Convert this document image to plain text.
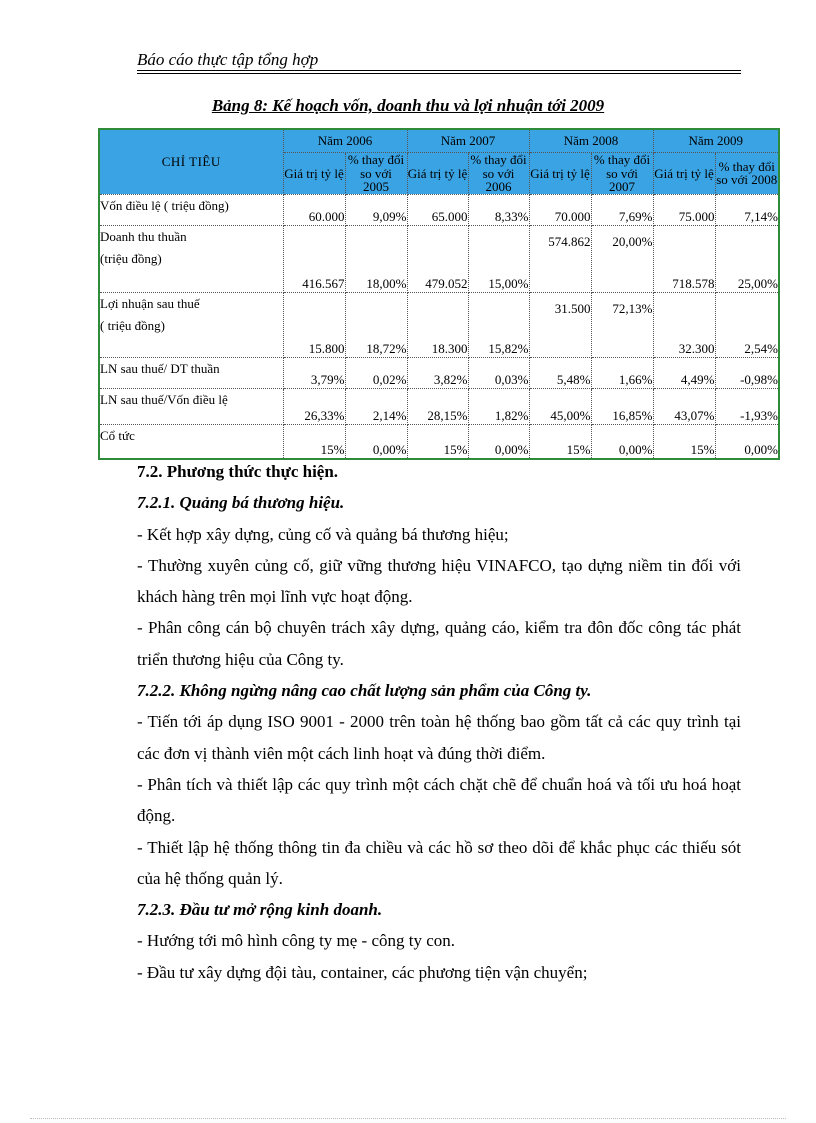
Báo cáo thực tập tổng hợp
Bảng 8: Kế hoạch vốn, doanh thu và lợi nhuận tới 2009
CHỈ TIÊU	Năm 2006		Năm 2007		Năm 2008		Năm 2009	
	Giá trị tỷ lệ	% thay đổi so với 2005	Giá trị tỷ lệ	% thay đổi so với 2006	Giá trị tỷ lệ	% thay đổi so với 2007	Giá trị tỷ lệ	% thay đổi so với 2008
Vốn điều lệ ( triệu đồng)	60.000	9,09%	65.000	8,33%	70.000	7,69%	75.000	7,14%
Doanh thu thuần
(triệu đồng)	416.567	18,00%	479.052	15,00%	574.862	20,00%	718.578	25,00%
Lợi nhuận sau thuế
( triệu đồng)	15.800	18,72%	18.300	15,82%	31.500	72,13%	32.300	2,54%
LN sau thuế/ DT thuần	3,79%	0,02%	3,82%	0,03%	5,48%	1,66%	4,49%	-0,98%
LN sau thuế/Vốn điều lệ	26,33%	2,14%	28,15%	1,82%	45,00%	16,85%	43,07%	-1,93%
Cổ tức	15%	0,00%	15%	0,00%	15%	0,00%	15%	0,00%

7.2. Phương thức thực hiện.

7.2.1. Quảng bá thương hiệu.

- Kết hợp xây dựng, củng cố và quảng bá thương hiệu;

- Thường xuyên củng cố, giữ vững thương hiệu VINAFCO, tạo dựng niềm tin đối với khách hàng trên mọi lĩnh vực hoạt động.

- Phân công cán bộ chuyên trách xây dựng, quảng cáo, kiểm tra đôn đốc công tác phát triển thương hiệu của Công ty.

7.2.2. Không ngừng nâng cao chất lượng sản phẩm của Công ty.

- Tiến tới áp dụng ISO 9001 - 2000 trên toàn hệ thống bao gồm tất cả các quy trình tại các đơn vị thành viên một cách linh hoạt và đúng thời điểm.

- Phân tích và thiết lập các quy trình một cách chặt chẽ để chuẩn hoá và tối ưu hoá hoạt động.

- Thiết lập hệ thống thông tin đa chiều và các hồ sơ theo dõi để khắc phục các thiếu sót của hệ thống quản lý.

7.2.3. Đầu tư mở rộng kinh doanh.

- Hướng tới mô hình công ty mẹ - công ty con.

- Đầu tư xây dựng đội tàu, container, các phương tiện vận chuyển;
